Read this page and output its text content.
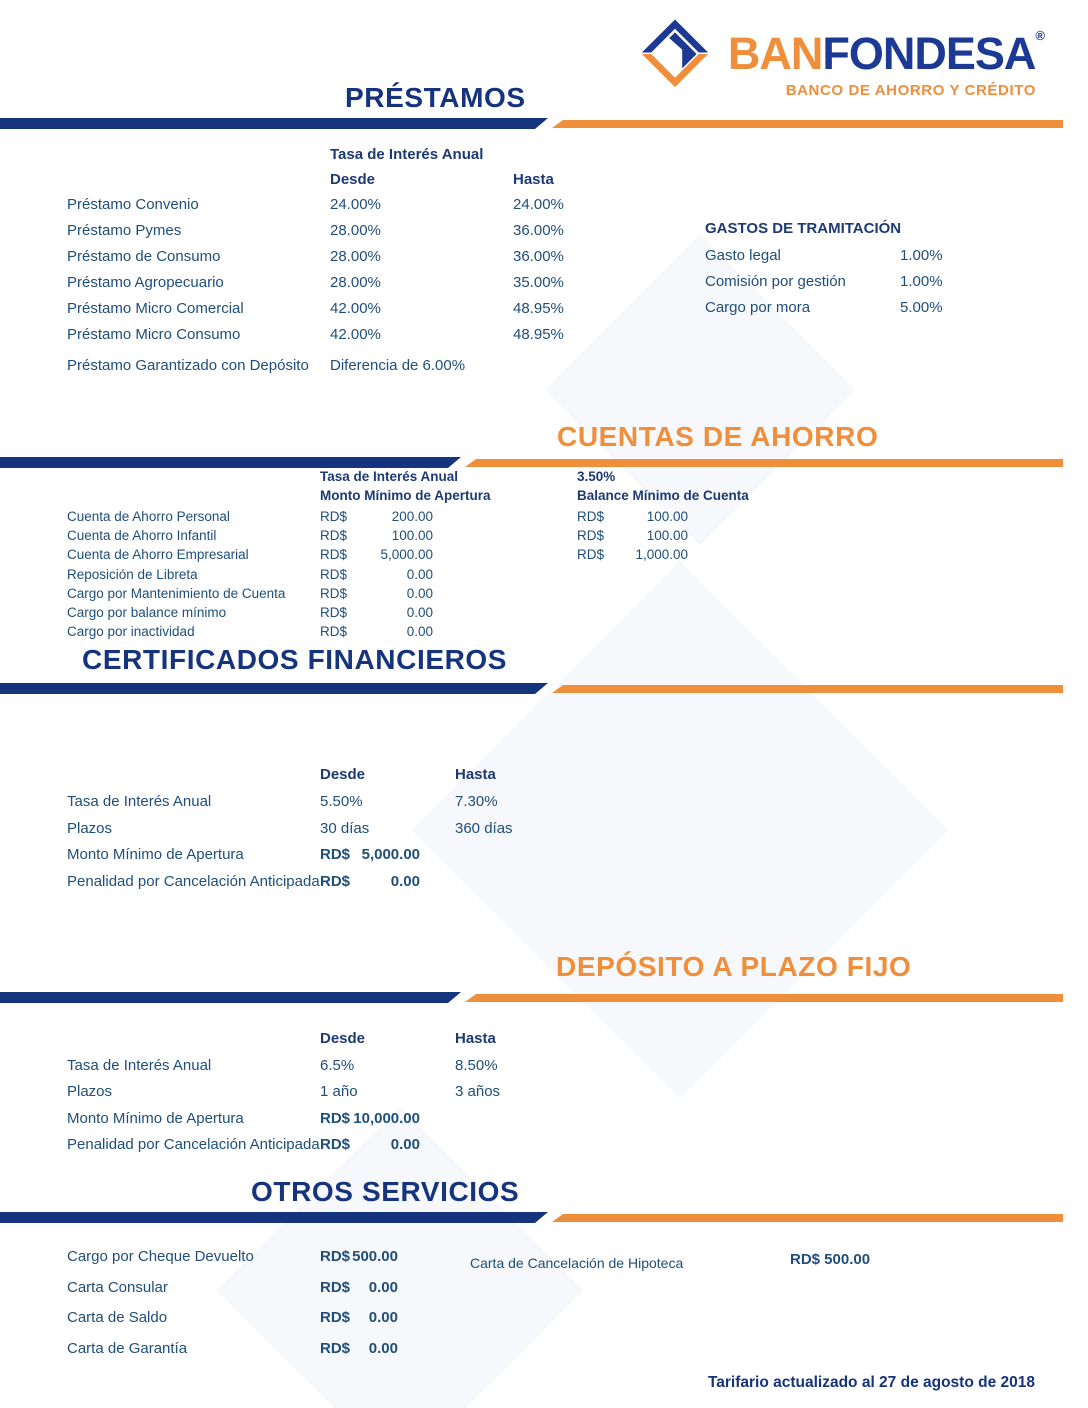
BANFONDESA®
BANCO DE AHORRO Y CRÉDITO
PRÉSTAMOS
Tasa de Interés Anual
Desde	Hasta
Préstamo Convenio	24.00%	24.00%
Préstamo Pymes	28.00%	36.00%
Préstamo de Consumo	28.00%	36.00%
Préstamo Agropecuario	28.00%	35.00%
Préstamo Micro Comercial	42.00%	48.95%
Préstamo Micro Consumo	42.00%	48.95%
Préstamo Garantizado con Depósito Diferencia de 6.00%
GASTOS DE TRAMITACIÓN
Gasto legal	1.00%
Comisión por gestión	1.00%
Cargo por mora	5.00%
CUENTAS DE AHORRO
Tasa de Interés Anual	3.50%
Monto Mínimo de Apertura	Balance Mínimo de Cuenta
Cuenta de Ahorro Personal	RD$	200.00	RD$	100.00
Cuenta de Ahorro Infantil	RD$	100.00	RD$	100.00
Cuenta de Ahorro Empresarial	RD$	5,000.00	RD$	1,000.00
Reposición de Libreta	RD$	0.00
Cargo por Mantenimiento de Cuenta	RD$	0.00
Cargo por balance mínimo	RD$	0.00
Cargo por inactividad	RD$	0.00
CERTIFICADOS FINANCIEROS
Desde	Hasta
Tasa de Interés Anual	5.50%	7.30%
Plazos	30 días	360 días
Monto Mínimo de Apertura	RD$ 5,000.00
Penalidad por Cancelación Anticipada RD$	0.00
DEPÓSITO A PLAZO FIJO
Desde	Hasta
Tasa de Interés Anual	6.5%	8.50%
Plazos	1 año	3 años
Monto Mínimo de Apertura	RD$ 10,000.00
Penalidad por Cancelación Anticipada RD$	0.00
OTROS SERVICIOS
Cargo por Cheque Devuelto	RD$ 500.00
Carta Consular	RD$	0.00
Carta de Saldo	RD$	0.00
Carta de Garantía	RD$	0.00
Carta de Cancelación de Hipoteca	RD$ 500.00
Tarifario actualizado al 27 de agosto de 2018
